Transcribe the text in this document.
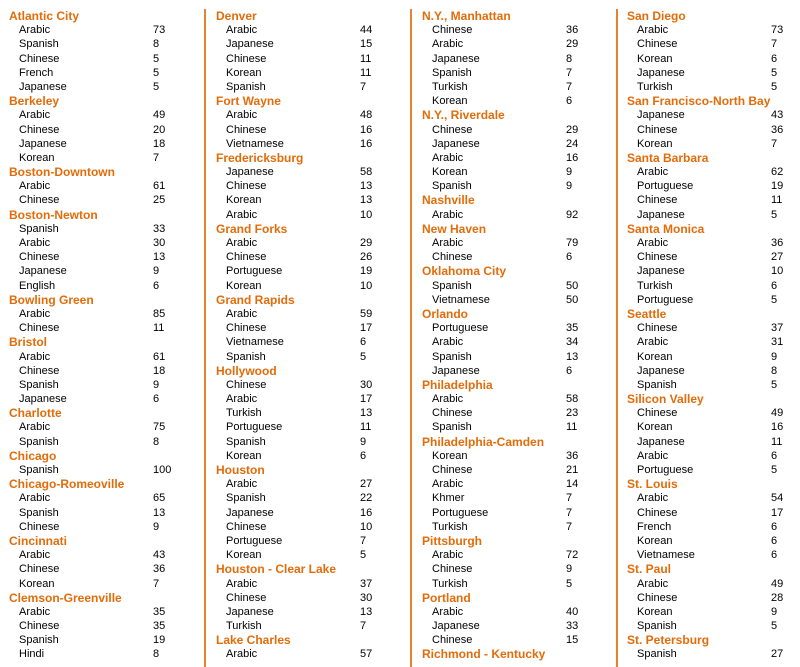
Atlantic City
Arabic	73
Spanish	8
Chinese	5
French	5
Japanese	5
Berkeley
Arabic	49
Chinese	20
Japanese	18
Korean	7
Boston-Downtown
Arabic	61
Chinese	25
Boston-Newton
Spanish	33
Arabic	30
Chinese	13
Japanese	9
English	6
Bowling Green
Arabic	85
Chinese	11
Bristol
Arabic	61
Chinese	18
Spanish	9
Japanese	6
Charlotte
Arabic	75
Spanish	8
Chicago
Spanish	100
Chicago-Romeoville
Arabic	65
Spanish	13
Chinese	9
Cincinnati
Arabic	43
Chinese	36
Korean	7
Clemson-Greenville
Arabic	35
Chinese	35
Spanish	19
Hindi	8
Denver
Arabic	44
Japanese	15
Chinese	11
Korean	11
Spanish	7
Fort Wayne
Arabic	48
Chinese	16
Vietnamese	16
Fredericksburg
Japanese	58
Chinese	13
Korean	13
Arabic	10
Grand Forks
Arabic	29
Chinese	26
Portuguese	19
Korean	10
Grand Rapids
Arabic	59
Chinese	17
Vietnamese	6
Spanish	5
Hollywood
Chinese	30
Arabic	17
Turkish	13
Portuguese	11
Spanish	9
Korean	6
Houston
Arabic	27
Spanish	22
Japanese	16
Chinese	10
Portuguese	7
Korean	5
Houston - Clear Lake
Arabic	37
Chinese	30
Japanese	13
Turkish	7
Lake Charles
Arabic	57
N.Y., Manhattan
Chinese	36
Arabic	29
Japanese	8
Spanish	7
Turkish	7
Korean	6
N.Y., Riverdale
Chinese	29
Japanese	24
Arabic	16
Korean	9
Spanish	9
Nashville
Arabic	92
New Haven
Arabic	79
Chinese	6
Oklahoma City
Spanish	50
Vietnamese	50
Orlando
Portuguese	35
Arabic	34
Spanish	13
Japanese	6
Philadelphia
Arabic	58
Chinese	23
Spanish	11
Philadelphia-Camden
Korean	36
Chinese	21
Arabic	14
Khmer	7
Portuguese	7
Turkish	7
Pittsburgh
Arabic	72
Chinese	9
Turkish	5
Portland
Arabic	40
Japanese	33
Chinese	15
Richmond - Kentucky
San Diego
Arabic	73
Chinese	7
Korean	6
Japanese	5
Turkish	5
San Francisco-North Bay
Japanese	43
Chinese	36
Korean	7
Santa Barbara
Arabic	62
Portuguese	19
Chinese	11
Japanese	5
Santa Monica
Arabic	36
Chinese	27
Japanese	10
Turkish	6
Portuguese	5
Seattle
Chinese	37
Arabic	31
Korean	9
Japanese	8
Spanish	5
Silicon Valley
Chinese	49
Korean	16
Japanese	11
Arabic	6
Portuguese	5
St. Louis
Arabic	54
Chinese	17
French	6
Korean	6
Vietnamese	6
St. Paul
Arabic	49
Chinese	28
Korean	9
Spanish	5
St. Petersburg
Spanish	27
